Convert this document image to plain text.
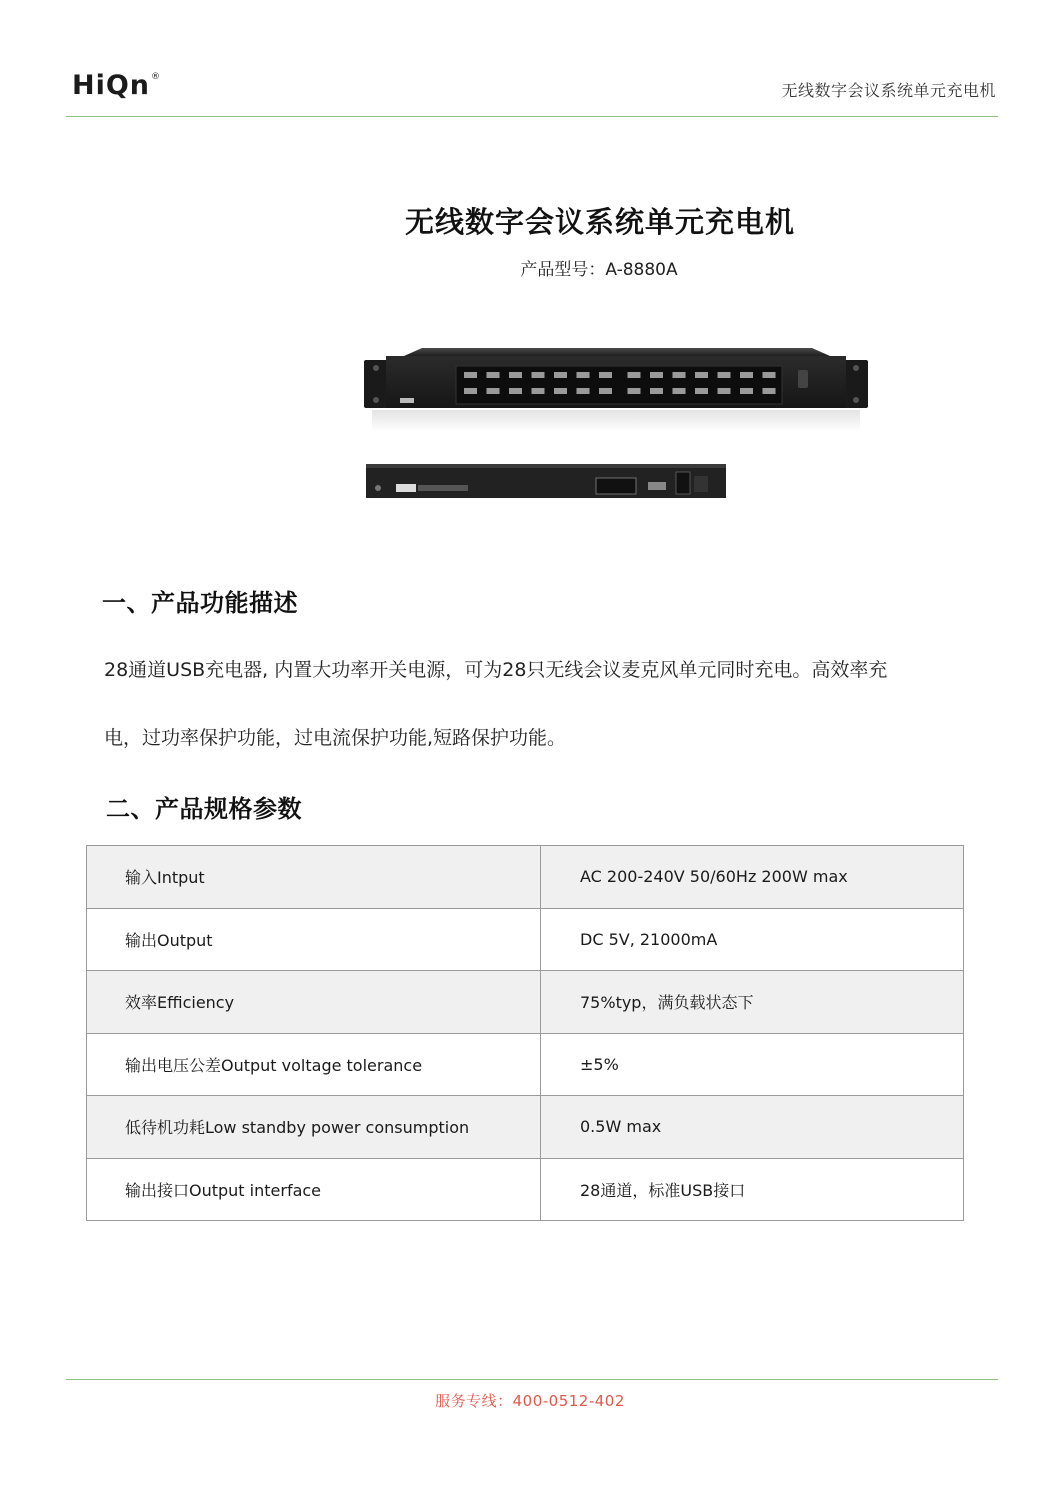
HiQn®
无线数字会议系统单元充电机
无线数字会议系统单元充电机
产品型号：A-8880A
一、产品功能描述
28通道USB充电器, 内置大功率开关电源，可为28只无线会议麦克风单元同时充电。高效率充
电，过功率保护功能，过电流保护功能,短路保护功能。
二、产品规格参数
输入Intput	AC 200-240V 50/60Hz 200W max
输出Output	DC 5V, 21000mA
效率Efficiency	75%typ，满负载状态下
输出电压公差Output voltage tolerance	±5%
低待机功耗Low standby power consumption	0.5W max
输出接口Output interface	28通道，标准USB接口
服务专线：400-0512-402
